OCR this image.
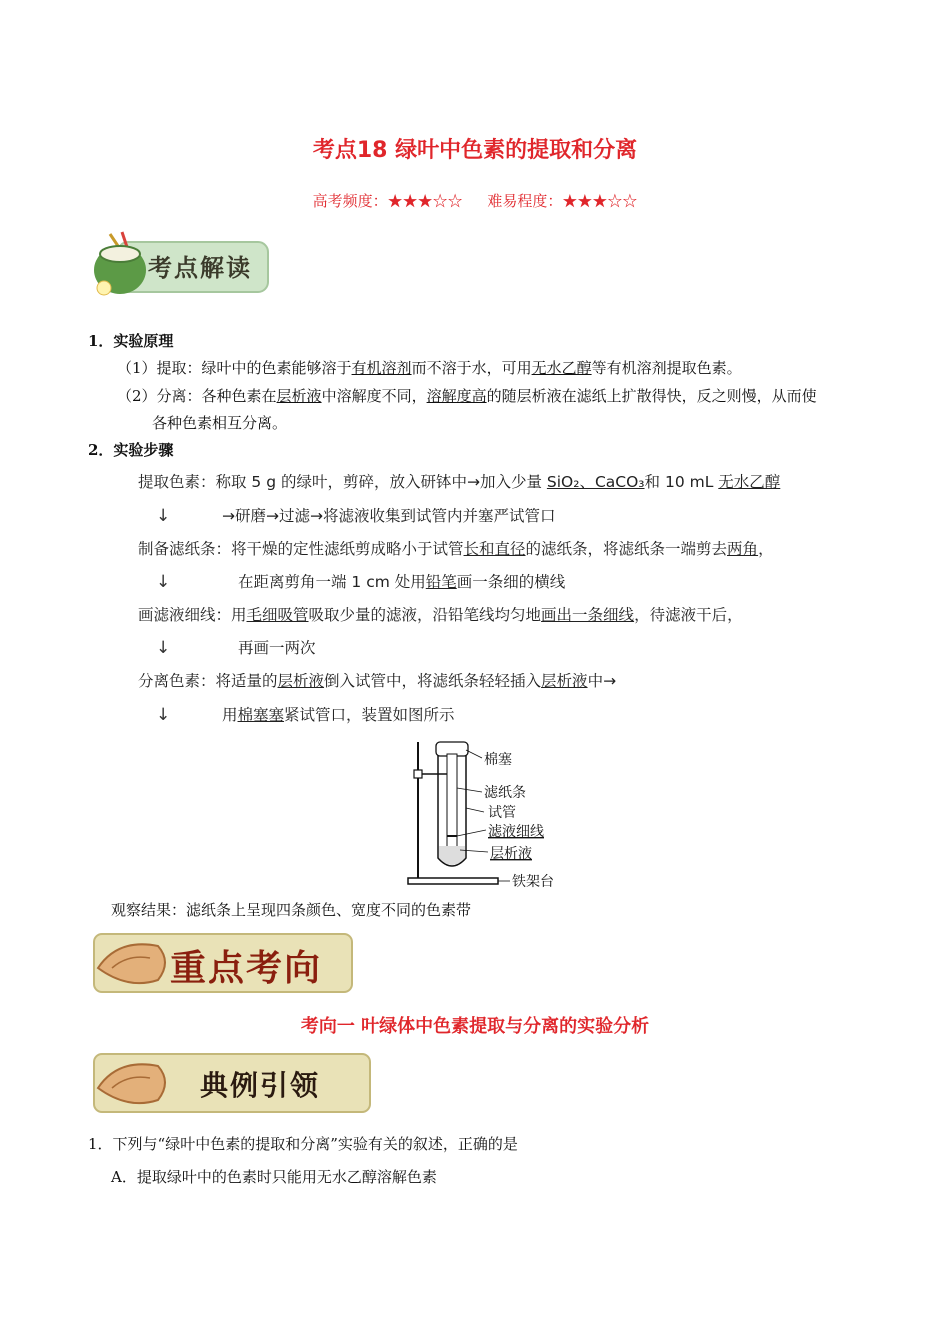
考点18 绿叶中色素的提取和分离
高考频度：★★★☆☆ 难易程度：★★★☆☆
考点解读
1．实验原理
（1）提取：绿叶中的色素能够溶于有机溶剂而不溶于水，可用无水乙醇等有机溶剂提取色素。
（2）分离：各种色素在层析液中溶解度不同，溶解度高的随层析液在滤纸上扩散得快，反之则慢，从而使
各种色素相互分离。
2．实验步骤
提取色素：称取 5 g 的绿叶，剪碎，放入研钵中→加入少量 SiO₂、CaCO₃和 10 mL 无水乙醇
↓	→研磨→过滤→将滤液收集到试管内并塞严试管口
制备滤纸条：将干燥的定性滤纸剪成略小于试管长和直径的滤纸条，将滤纸条一端剪去两角，
↓	在距离剪角一端 1 cm 处用铅笔画一条细的横线
画滤液细线：用毛细吸管吸取少量的滤液，沿铅笔线均匀地画出一条细线，待滤液干后，
↓	再画一两次
分离色素：将适量的层析液倒入试管中，将滤纸条轻轻插入层析液中→
↓	用棉塞塞紧试管口，装置如图所示
棉塞
滤纸条
试管
滤液细线
层析液
铁架台
观察结果：滤纸条上呈现四条颜色、宽度不同的色素带
重点考向
考向一 叶绿体中色素提取与分离的实验分析
典例引领
1．下列与“绿叶中色素的提取和分离”实验有关的叙述，正确的是
A．提取绿叶中的色素时只能用无水乙醇溶解色素
